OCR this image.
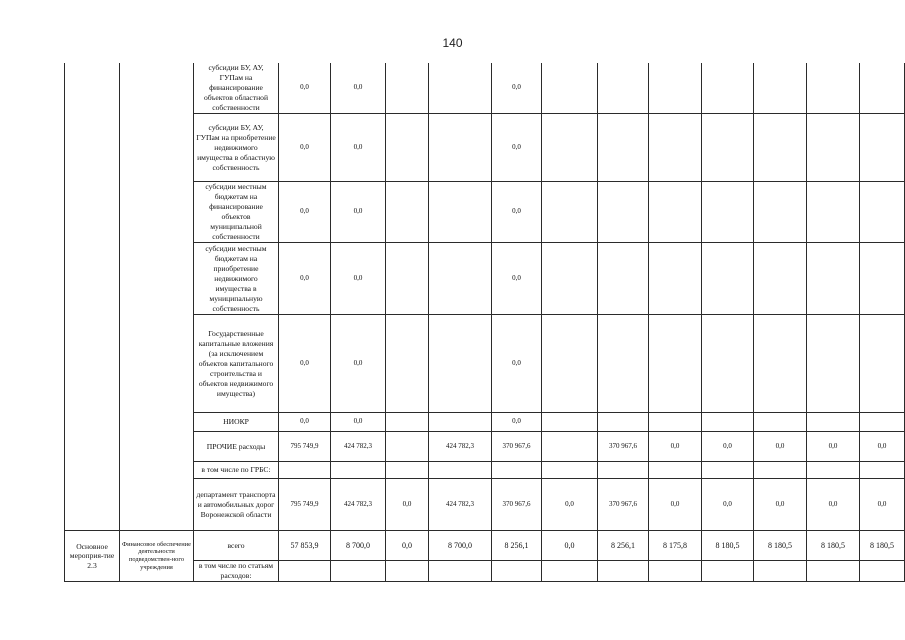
140
		субсидии БУ, АУ, ГУПам на финансирование объектов областной собственности	0,0	0,0			0,0							
		субсидии БУ, АУ, ГУПам на приобретение недвижимого имущества в областную собственность	0,0	0,0			0,0							
		субсидии местным бюджетам на финансирование объектов муниципальной собственности	0,0	0,0			0,0							
		субсидии местным бюджетам на приобретение недвижимого имущества в муниципальную собственность	0,0	0,0			0,0							
		Государственные капитальные вложения (за исключением объектов капитального строительства и объектов недвижимого имущества)	0,0	0,0			0,0							
		НИОКР	0,0	0,0			0,0							
		ПРОЧИЕ расходы	795 749,9	424 782,3		424 782,3	370 967,6		370 967,6	0,0	0,0	0,0	0,0	0,0
		в том числе по ГРБС:												
		департамент транспорта и автомобильных дорог Воронежской области	795 749,9	424 782,3	0,0	424 782,3	370 967,6	0,0	370 967,6	0,0	0,0	0,0	0,0	0,0
Основное мероприя-тие 2.3	Финансовое обеспечение деятельности подведомствен-ного учреждения	всего	57 853,9	8 700,0	0,0	8 700,0	8 256,1	0,0	8 256,1	8 175,8	8 180,5	8 180,5	8 180,5	8 180,5
		в том числе по статьям расходов:												
